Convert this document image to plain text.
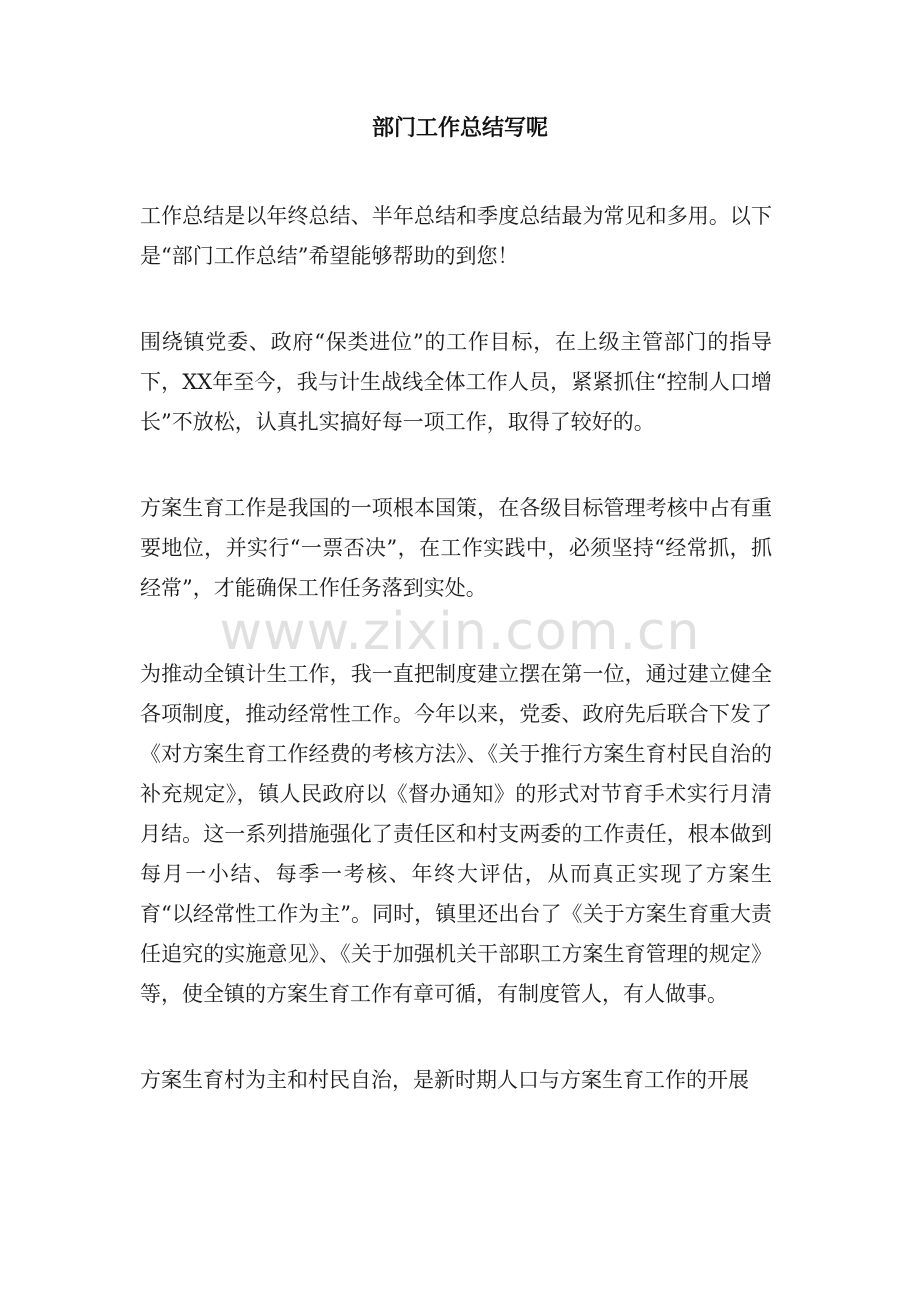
部门工作总结写呢

工作总结是以年终总结、半年总结和季度总结最为常见和多用。以下是“部门工作总结”希望能够帮助的到您！

围绕镇党委、政府“保类进位”的工作目标，在上级主管部门的指导下，XX年至今，我与计生战线全体工作人员，紧紧抓住“控制人口增长”不放松，认真扎实搞好每一项工作，取得了较好的。

方案生育工作是我国的一项根本国策，在各级目标管理考核中占有重要地位，并实行“一票否决”，在工作实践中，必须坚持“经常抓，抓经常”，才能确保工作任务落到实处。

为推动全镇计生工作，我一直把制度建立摆在第一位，通过建立健全各项制度，推动经常性工作。今年以来，党委、政府先后联合下发了《对方案生育工作经费的考核方法》、《关于推行方案生育村民自治的补充规定》，镇人民政府以《督办通知》的形式对节育手术实行月清月结。这一系列措施强化了责任区和村支两委的工作责任，根本做到每月一小结、每季一考核、年终大评估，从而真正实现了方案生育“以经常性工作为主”。同时，镇里还出台了《关于方案生育重大责任追究的实施意见》、《关于加强机关干部职工方案生育管理的规定》等，使全镇的方案生育工作有章可循，有制度管人，有人做事。

方案生育村为主和村民自治，是新时期人口与方案生育工作的开展

www.zixin.com.cn
